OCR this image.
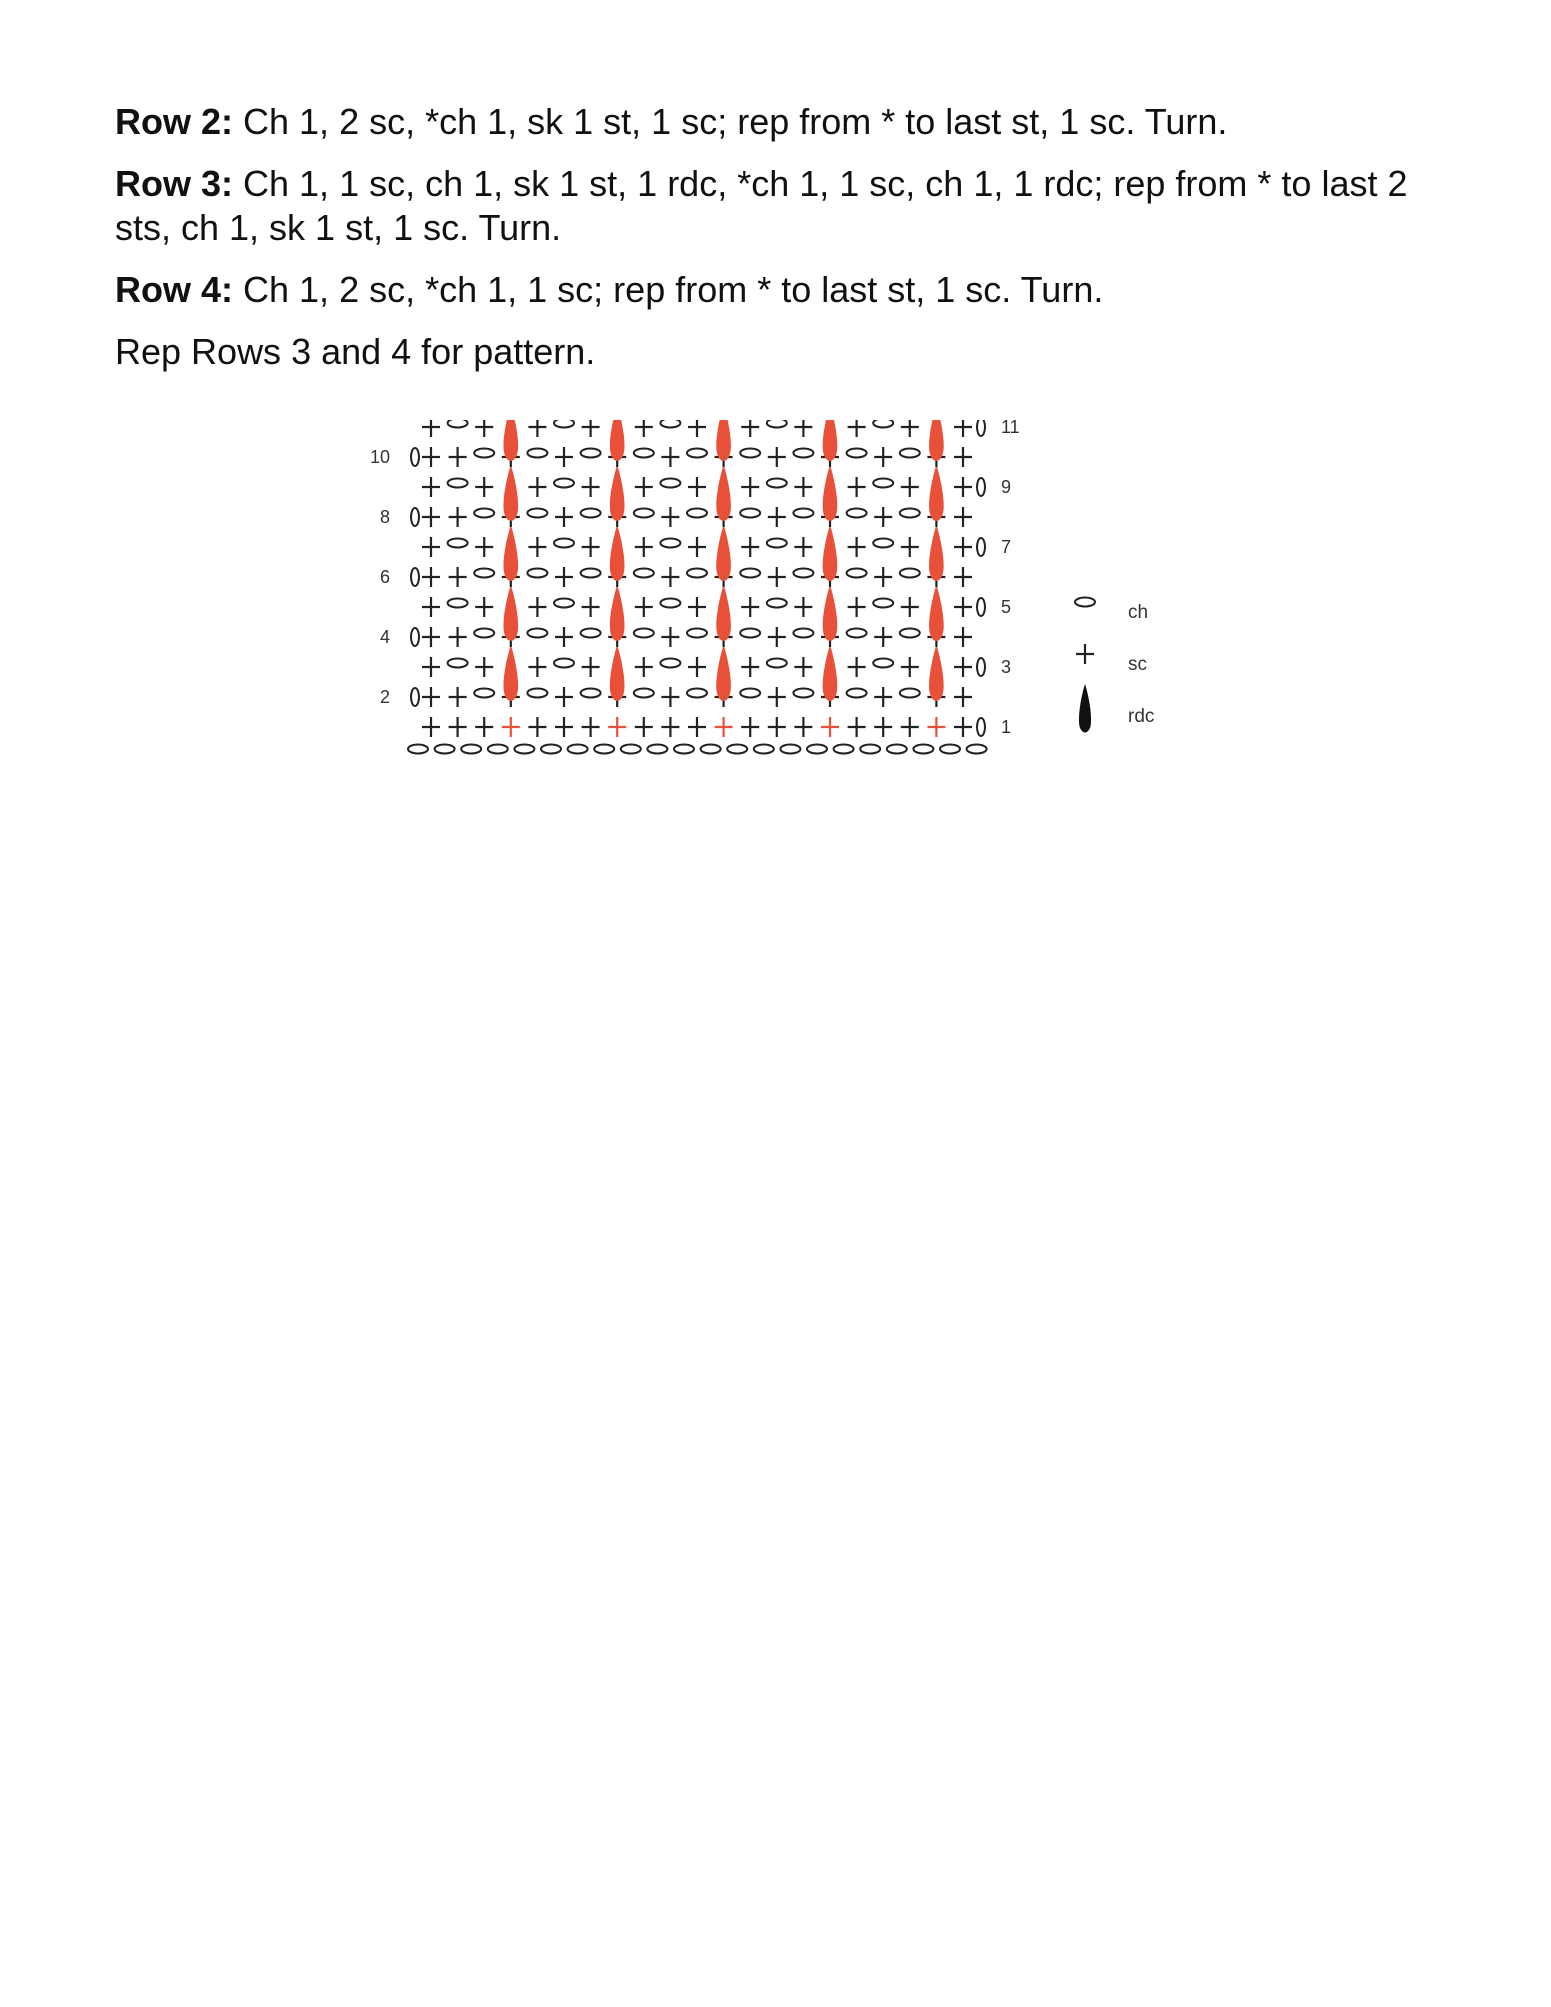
Row 2: Ch 1, 2 sc, *ch 1, sk 1 st, 1 sc; rep from * to last st, 1 sc. Turn.

Row 3: Ch 1, 1 sc, ch 1, sk 1 st, 1 rdc, *ch 1, 1 sc, ch 1, 1 rdc; rep from * to last 2 sts, ch 1, sk 1 st, 1 sc. Turn.

Row 4: Ch 1, 2 sc, *ch 1, 1 sc; rep from * to last st, 1 sc. Turn.

Rep Rows 3 and 4 for pattern.

10
8
6
4
2
11
9
7
5
3
1
ch
sc
rdc
